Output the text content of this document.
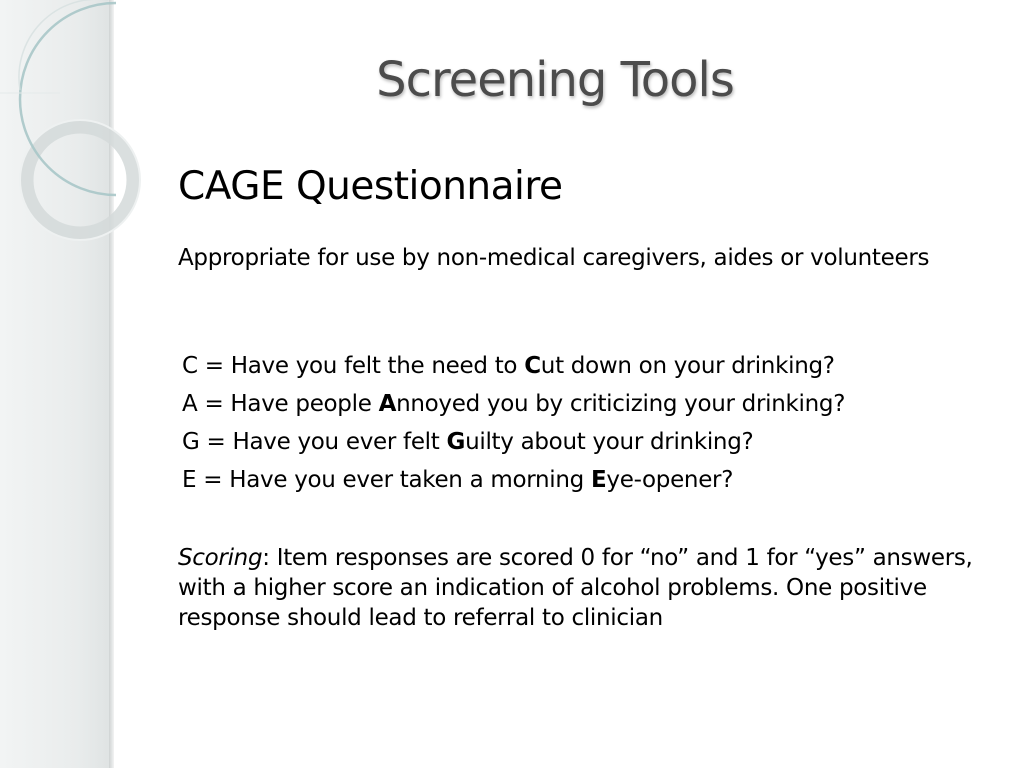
Screening Tools
CAGE Questionnaire

Appropriate for use by non-medical caregivers, aides or volunteers

C = Have you felt the need to Cut down on your drinking?
A = Have people Annoyed you by criticizing your drinking?
G = Have you ever felt Guilty about your drinking?
E = Have you ever taken a morning Eye-opener?

Scoring: Item responses are scored 0 for “no” and 1 for “yes” answers, with a higher score an indication of alcohol problems. One positive response should lead to referral to clinician
